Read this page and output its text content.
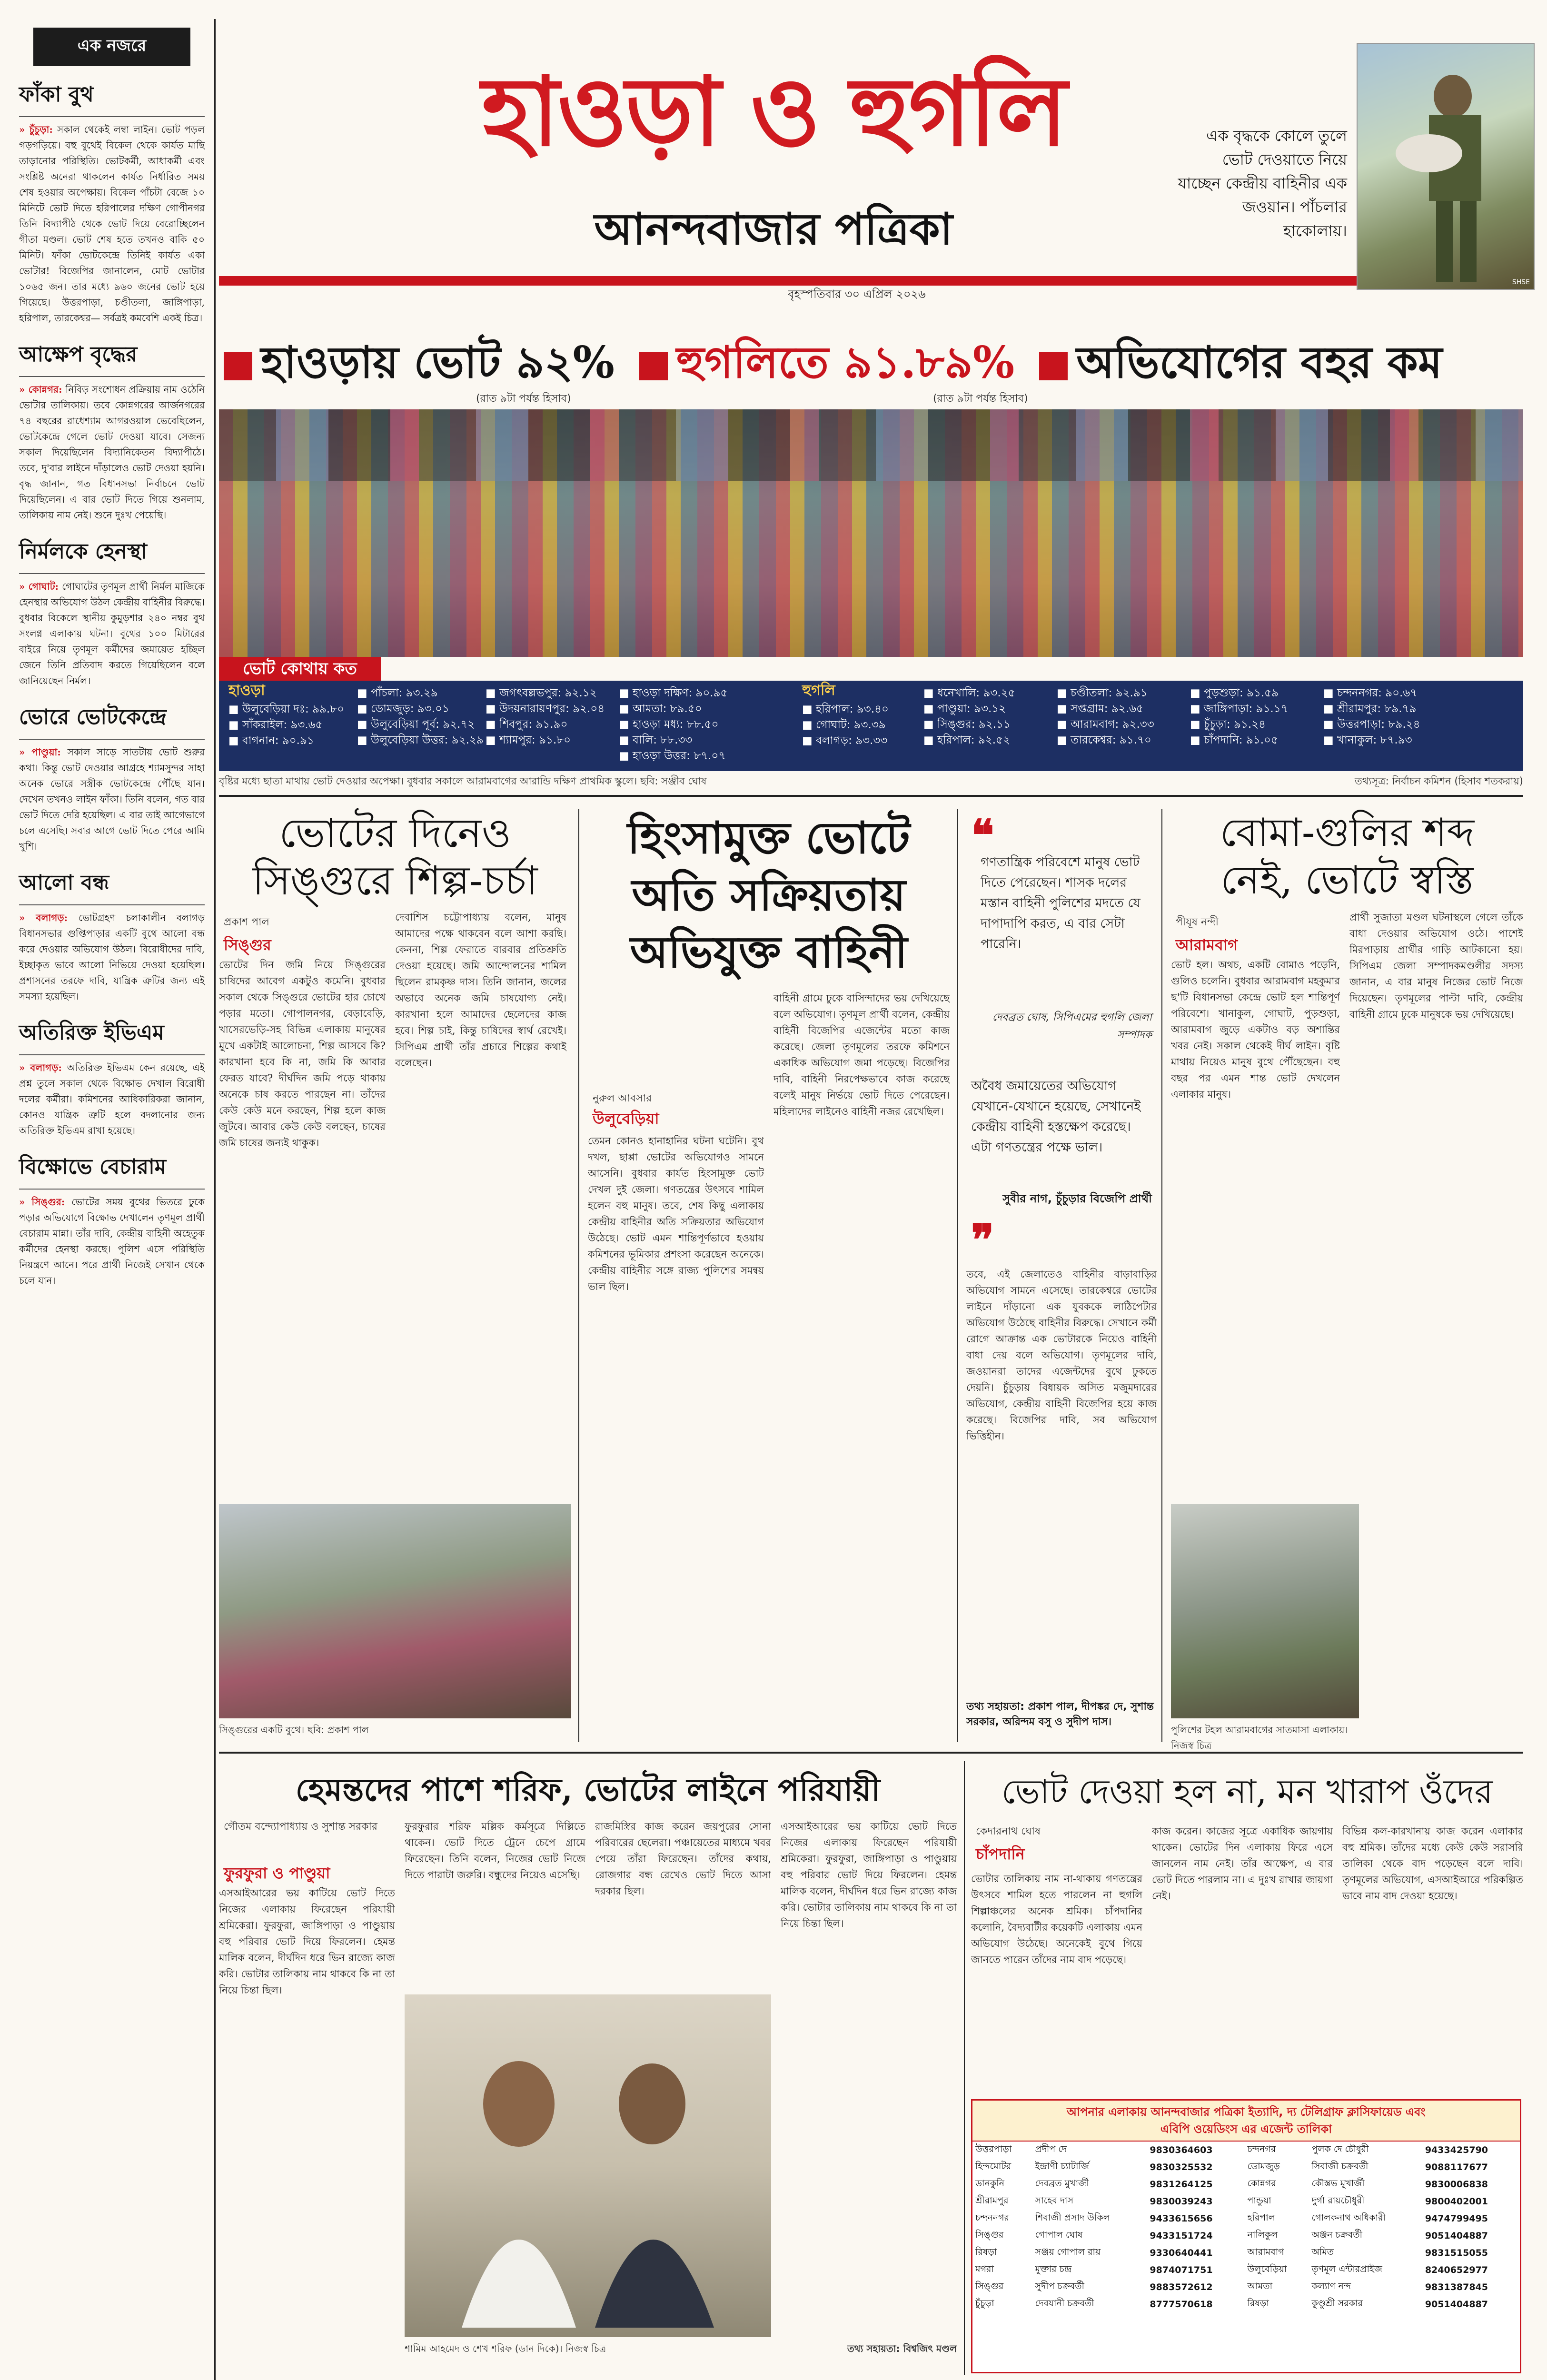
এক নজরে
ফাঁকা বুথ
» চুঁচুড়া: সকাল থেকেই লম্বা লাইন। ভোট পড়ল গড়গড়িয়ে। বহু বুথেই বিকেল থেকে কার্যত মাছি তাড়ানোর পরিস্থিতি। ভোটকর্মী, আধাকর্মী এবং সংশ্লিষ্ট অনেরা থাকলেন কার্যত নির্ধারিত সময় শেষ হওয়ার অপেক্ষায়। বিকেল পাঁচটা বেজে ১০ মিনিটে ভোট দিতে হরিপালের দক্ষিণ গোপীনগর তিনি বিদ্যাপীঠ থেকে ভোট দিয়ে বেরোচ্ছিলেন গীতা মণ্ডল। ভোট শেষ হতে তখনও বাকি ৫০ মিনিট। ফাঁকা ভোটকেন্দ্রে তিনিই কার্যত একা ভোটার! বিজেপির জানালেন, মোট ভোটার ১০৬৫ জন। তার মধ্যে ৯৬০ জনের ভোট হয়ে গিয়েছে। উত্তরপাড়া, চণ্ডীতলা, জাঙ্গিপাড়া, হরিপাল, তারকেশ্বর— সর্বত্রই কমবেশি একই চিত্র।
আক্ষেপ বৃদ্ধের
» কোন্নগর: নিবিড় সংশোধন প্রক্রিয়ায় নাম ওঠেনি ভোটার তালিকায়। তবে কোন্নগরের আর্জনগরের ৭৪ বছরের রাধেশ্যাম আগরওয়াল ভেবেছিলেন, ভোটকেন্দ্রে গেলে ভোট দেওয়া যাবে। সেজন্য সকাল দিয়েছিলেন বিদ্যানিকেতন বিদ্যাপীঠে। তবে, দু'বার লাইনে দাঁড়ালেও ভোট দেওয়া হয়নি। বৃদ্ধ জানান, গত বিধানসভা নির্বাচনে ভোট দিয়েছিলেন। এ বার ভোট দিতে গিয়ে শুনলাম, তালিকায় নাম নেই। শুনে দুঃখ পেয়েছি।
নির্মলকে হেনস্থা
» গোঘাট: গোঘাটের তৃণমূল প্রার্থী নির্মল মাজিকে হেনস্থার অভিযোগ উঠল কেন্দ্রীয় বাহিনীর বিরুদ্ধে। বুধবার বিকেলে স্থানীয় কুমুড়শার ২৪০ নম্বর বুথ সংলগ্ন এলাকায় ঘটনা। বুথের ১০০ মিটারের বাইরে নিয়ে তৃণমূল কর্মীদের জমায়েত হচ্ছিল জেনে তিনি প্রতিবাদ করতে গিয়েছিলেন বলে জানিয়েছেন নির্মল।
ভোরে ভোটকেন্দ্রে
» পাণ্ডুয়া: সকাল সাড়ে সাতটায় ভোট শুরুর কথা। কিন্তু ভোট দেওয়ার আগ্রহে শ্যামসুন্দর সাহা অনেক ভোরে সস্ত্রীক ভোটকেন্দ্রে পৌঁছে যান। দেখেন তখনও লাইন ফাঁকা। তিনি বলেন, গত বার ভোট দিতে দেরি হয়েছিল। এ বার তাই আগেভাগে চলে এসেছি। সবার আগে ভোট দিতে পেরে আমি খুশি।
আলো বন্ধ
» বলাগড়: ভোটগ্রহণ চলাকালীন বলাগড় বিধানসভার গুপ্তিপাড়ার একটি বুথে আলো বন্ধ করে দেওয়ার অভিযোগ উঠল। বিরোধীদের দাবি, ইচ্ছাকৃত ভাবে আলো নিভিয়ে দেওয়া হয়েছিল। প্রশাসনের তরফে দাবি, যান্ত্রিক ত্রুটির জন্য এই সমস্যা হয়েছিল।
অতিরিক্ত ইভিএম
» বলাগড়: অতিরিক্ত ইভিএম কেন রয়েছে, এই প্রশ্ন তুলে সকাল থেকে বিক্ষোভ দেখাল বিরোধী দলের কর্মীরা। কমিশনের আধিকারিকরা জানান, কোনও যান্ত্রিক ত্রুটি হলে বদলানোর জন্য অতিরিক্ত ইভিএম রাখা হয়েছে।
বিক্ষোভে বেচারাম
» সিঙ্গুর: ভোটের সময় বুথের ভিতরে ঢুকে পড়ার অভিযোগে বিক্ষোভ দেখালেন তৃণমূল প্রার্থী বেচারাম মান্না। তাঁর দাবি, কেন্দ্রীয় বাহিনী অহেতুক কর্মীদের হেনস্থা করছে। পুলিশ এসে পরিস্থিতি নিয়ন্ত্রণে আনে। পরে প্রার্থী নিজেই সেখান থেকে চলে যান।
হাওড়া ও হুগলি
আনন্দবাজার পত্রিকা
বৃহস্পতিবার ৩০ এপ্রিল ২০২৬
SHSE
এক বৃদ্ধকে কোলে তুলে ভোট দেওয়াতে নিয়ে যাচ্ছেন কেন্দ্রীয় বাহিনীর এক জওয়ান। পাঁচলার হাকোলায়।
হাওড়ায় ভোট ৯২% হুগলিতে ৯১.৮৯% অভিযোগের বহর কম
(রাত ৯টা পর্যন্ত হিসাব)	(রাত ৯টা পর্যন্ত হিসাব)
ভোট কোথায় কত
হাওড়া	হুগলি
■ উলুবেড়িয়া দঃ: ৯৯.৮০
■ সাঁকরাইল: ৯৩.৬৫
■ বাগনান: ৯০.৯১
■ পাঁচলা: ৯৩.২৯
■ ডোমজুড়: ৯৩.০১
■ উলুবেড়িয়া পূর্ব: ৯২.৭২
■ উলুবেড়িয়া উত্তর: ৯২.২৯
■ জগৎবল্লভপুর: ৯২.১২
■ উদয়নারায়ণপুর: ৯২.০৪
■ শিবপুর: ৯১.৯০
■ শ্যামপুর: ৯১.৮০
■ হাওড়া দক্ষিণ: ৯০.৯৫
■ আমতা: ৮৯.৫০
■ হাওড়া মধ্য: ৮৮.৫০
■ বালি: ৮৮.৩৩
■ হাওড়া উত্তর: ৮৭.০৭
■ হরিপাল: ৯৩.৪০
■ গোঘাট: ৯৩.৩৯
■ বলাগড়: ৯৩.৩৩
■ ধনেখালি: ৯৩.২৫
■ পাণ্ডুয়া: ৯৩.১২
■ সিঙ্গুর: ৯২.১১
■ হরিপাল: ৯২.৫২
■ চণ্ডীতলা: ৯২.৯১
■ সপ্তগ্রাম: ৯২.৬৫
■ আরামবাগ: ৯২.৩৩
■ তারকেশ্বর: ৯১.৭০
■ পুড়শুড়া: ৯১.৫৯
■ জাঙ্গিপাড়া: ৯১.১৭
■ চুঁচুড়া: ৯১.২৪
■ চাঁপদানি: ৯১.০৫
■ চন্দননগর: ৯০.৬৭
■ শ্রীরামপুর: ৮৯.৭৯
■ উত্তরপাড়া: ৮৯.২৪
■ খানাকুল: ৮৭.৯৩
বৃষ্টির মধ্যে ছাতা মাথায় ভোট দেওয়ার অপেক্ষা। বুধবার সকালে আরামবাগের আরান্ডি দক্ষিণ প্রাথমিক স্কুলে। ছবি: সঞ্জীব ঘোষ	তথ্যসূত্র: নির্বাচন কমিশন (হিসাব শতকরায়)
ভোটের দিনেও
সিঙ্গুরে শিল্প-চর্চা
প্রকাশ পাল
সিঙ্গুর
ভোটের দিন জমি নিয়ে সিঙ্গুরের চাষিদের আবেগ একটুও কমেনি। বুধবার সকাল থেকে সিঙ্গুরে ভোটের হার চোখে পড়ার মতো। গোপালনগর, বেড়াবেড়ি, খাসেরভেড়ি-সহ বিভিন্ন এলাকায় মানুষের মুখে একটাই আলোচনা, শিল্প আসবে কি? কারখানা হবে কি না, জমি কি আবার ফেরত যাবে? দীর্ঘদিন জমি পড়ে থাকায় অনেকে চাষ করতে পারছেন না। তাঁদের কেউ কেউ মনে করছেন, শিল্প হলে কাজ জুটবে। আবার কেউ কেউ বলছেন, চাষের জমি চাষের জন্যই থাকুক।
দেবাশিস চট্টোপাধ্যায় বলেন, মানুষ আমাদের পক্ষে থাকবেন বলে আশা করছি। কেননা, শিল্প ফেরাতে বারবার প্রতিশ্রুতি দেওয়া হয়েছে। জমি আন্দোলনের শামিল ছিলেন রামকৃষ্ণ দাস। তিনি জানান, জলের অভাবে অনেক জমি চাষযোগ্য নেই। কারখানা হলে আমাদের ছেলেদের কাজ হবে। শিল্প চাই, কিন্তু চাষিদের স্বার্থ রেখেই। সিপিএম প্রার্থী তাঁর প্রচারে শিল্পের কথাই বলেছেন।
সিঙ্গুরের একটি বুথে। ছবি: প্রকাশ পাল
হিংসামুক্ত ভোটে
অতি সক্রিয়তায়
অভিযুক্ত বাহিনী
নুরুল আবসার
উলুবেড়িয়া
তেমন কোনও হানাহানির ঘটনা ঘটেনি। বুথ দখল, ছাপ্পা ভোটের অভিযোগও সামনে আসেনি। বুধবার কার্যত হিংসামুক্ত ভোট দেখল দুই জেলা। গণতন্ত্রের উৎসবে শামিল হলেন বহু মানুষ। তবে, শেষ কিছু এলাকায় কেন্দ্রীয় বাহিনীর অতি সক্রিয়তার অভিযোগ উঠেছে। ভোট এমন শান্তিপূর্ণভাবে হওয়ায় কমিশনের ভূমিকার প্রশংসা করেছেন অনেকে। কেন্দ্রীয় বাহিনীর সঙ্গে রাজ্য পুলিশের সমন্বয় ভাল ছিল।
বাহিনী গ্রামে ঢুকে বাসিন্দাদের ভয় দেখিয়েছে বলে অভিযোগ। তৃণমূল প্রার্থী বলেন, কেন্দ্রীয় বাহিনী বিজেপির এজেন্টের মতো কাজ করেছে। জেলা তৃণমূলের তরফে কমিশনে একাধিক অভিযোগ জমা পড়েছে। বিজেপির দাবি, বাহিনী নিরপেক্ষভাবে কাজ করেছে বলেই মানুষ নির্ভয়ে ভোট দিতে পেরেছেন। মহিলাদের লাইনেও বাহিনী নজর রেখেছিল।
❝
গণতান্ত্রিক পরিবেশে মানুষ ভোট দিতে পেরেছেন। শাসক দলের মস্তান বাহিনী পুলিশের মদতে যে দাপাদাপি করত, এ বার সেটা পারেনি।
দেবব্রত ঘোষ, সিপিএমের হুগলি জেলা সম্পাদক
অবৈধ জমায়েতের অভিযোগ যেখানে-যেখানে হয়েছে, সেখানেই কেন্দ্রীয় বাহিনী হস্তক্ষেপ করেছে। এটা গণতন্ত্রের পক্ষে ভাল।
সুবীর নাগ, চুঁচুড়ার বিজেপি প্রার্থী
❞
তবে, এই জেলাতেও বাহিনীর বাড়াবাড়ির অভিযোগ সামনে এসেছে। তারকেশ্বরে ভোটের লাইনে দাঁড়ানো এক যুবককে লাঠিপেটার অভিযোগ উঠেছে বাহিনীর বিরুদ্ধে। সেখানে কর্মী রোগে আক্রান্ত এক ভোটারকে নিয়েও বাহিনী বাধা দেয় বলে অভিযোগ। তৃণমূলের দাবি, জওয়ানরা তাদের এজেন্টদের বুথে ঢুকতে দেয়নি। চুঁচুড়ায় বিধায়ক অসিত মজুমদারের অভিযোগ, কেন্দ্রীয় বাহিনী বিজেপির হয়ে কাজ করেছে। বিজেপির দাবি, সব অভিযোগ ভিত্তিহীন।
তথ্য সহায়তা: প্রকাশ পাল, দীপঙ্কর দে, সুশান্ত সরকার, অরিন্দম বসু ও সুদীপ দাস।
বোমা-গুলির শব্দ
নেই, ভোটে স্বস্তি
পীযূষ নন্দী
আরামবাগ
ভোট হল। অথচ, একটি বোমাও পড়েনি, গুলিও চলেনি। বুধবার আরামবাগ মহকুমার ছ'টি বিধানসভা কেন্দ্রে ভোট হল শান্তিপূর্ণ পরিবেশে। খানাকুল, গোঘাট, পুড়শুড়া, আরামবাগ জুড়ে একটাও বড় অশান্তির খবর নেই। সকাল থেকেই দীর্ঘ লাইন। বৃষ্টি মাথায় নিয়েও মানুষ বুথে পৌঁছেছেন। বহু বছর পর এমন শান্ত ভোট দেখলেন এলাকার মানুষ।
প্রার্থী সুজাতা মণ্ডল ঘটনাস্থলে গেলে তাঁকে বাধা দেওয়ার অভিযোগ ওঠে। পাশেই মিরপাড়ায় প্রার্থীর গাড়ি আটকানো হয়। সিপিএম জেলা সম্পাদকমণ্ডলীর সদস্য জানান, এ বার মানুষ নিজের ভোট নিজে দিয়েছেন। তৃণমূলের পাল্টা দাবি, কেন্দ্রীয় বাহিনী গ্রামে ঢুকে মানুষকে ভয় দেখিয়েছে।
পুলিশের টহল আরামবাগের সাতমাসা এলাকায়। নিজস্ব চিত্র
হেমন্তদের পাশে শরিফ, ভোটের লাইনে পরিযায়ী
গৌতম বন্দ্যোপাধ্যায় ও সুশান্ত সরকার
ফুরফুরা ও পাণ্ডুয়া
এসআইআরের ভয় কাটিয়ে ভোট দিতে নিজের এলাকায় ফিরেছেন পরিযায়ী শ্রমিকেরা। ফুরফুরা, জাঙ্গিপাড়া ও পাণ্ডুয়ায় বহু পরিবার ভোট দিয়ে ফিরলেন। হেমন্ত মালিক বলেন, দীর্ঘদিন ধরে ভিন রাজ্যে কাজ করি। ভোটার তালিকায় নাম থাকবে কি না তা নিয়ে চিন্তা ছিল।
ফুরফুরার শরিফ মল্লিক কর্মসূত্রে দিল্লিতে থাকেন। ভোট দিতে ট্রেনে চেপে গ্রামে ফিরেছেন। তিনি বলেন, নিজের ভোট নিজে দিতে পারাটা জরুরি। বন্ধুদের নিয়েও এসেছি।
রাজমিস্ত্রির কাজ করেন জয়পুরের সোনা পরিবারের ছেলেরা। পঞ্চায়েতের মাধ্যমে খবর পেয়ে তাঁরা ফিরেছেন। তাঁদের কথায়, রোজগার বন্ধ রেখেও ভোট দিতে আসা দরকার ছিল।
এসআইআরের ভয় কাটিয়ে ভোট দিতে নিজের এলাকায় ফিরেছেন পরিযায়ী শ্রমিকেরা। ফুরফুরা, জাঙ্গিপাড়া ও পাণ্ডুয়ায় বহু পরিবার ভোট দিয়ে ফিরলেন। হেমন্ত মালিক বলেন, দীর্ঘদিন ধরে ভিন রাজ্যে কাজ করি। ভোটার তালিকায় নাম থাকবে কি না তা নিয়ে চিন্তা ছিল।
শামিম আহমেদ ও শেখ শরিফ (ডান দিকে)। নিজস্ব চিত্র	তথ্য সহায়তা: বিশ্বজিৎ মণ্ডল
ভোট দেওয়া হল না, মন খারাপ ওঁদের
কেদারনাথ ঘোষ
চাঁপদানি
ভোটার তালিকায় নাম না-থাকায় গণতন্ত্রের উৎসবে শামিল হতে পারলেন না হুগলি শিল্পাঞ্চলের অনেক শ্রমিক। চাঁপদানির কলোনি, বৈদ্যবাটীর কয়েকটি এলাকায় এমন অভিযোগ উঠেছে। অনেকেই বুথে গিয়ে জানতে পারেন তাঁদের নাম বাদ পড়েছে।
কাজ করেন। কাজের সূত্রে একাধিক জায়গায় থাকেন। ভোটের দিন এলাকায় ফিরে এসে জানলেন নাম নেই। তাঁর আক্ষেপ, এ বার ভোট দিতে পারলাম না। এ দুঃখ রাখার জায়গা নেই।
বিভিন্ন কল-কারখানায় কাজ করেন এলাকার বহু শ্রমিক। তাঁদের মধ্যে কেউ কেউ সরাসরি তালিকা থেকে বাদ পড়েছেন বলে দাবি। তৃণমূলের অভিযোগ, এসআইআরে পরিকল্পিত ভাবে নাম বাদ দেওয়া হয়েছে।
আপনার এলাকায় আনন্দবাজার পত্রিকা ইত্যাদি, দ্য টেলিগ্রাফ ক্লাসিফায়েড এবং
এবিপি ওয়েডিংস এর এজেন্ট তালিকা
উত্তরপাড়া	প্রদীপ দে	9830364603	চন্দনগর	পুলক দে চৌধুরী	9433425790
হিন্দমোটর	ইন্দ্রাণী চ্যাটার্জি	9830325532	ডোমজুড়	সিবাজী চক্রবর্তী	9088117677
ডানকুনি	দেবব্রত মুখার্জী	9831264125	কোন্নগর	কৌস্তভ মুখার্জী	9830006838
শ্রীরামপুর	সাহেব দাস	9830039243	পান্ডুয়া	দুর্গা রায়চৌধুরী	9800402001
চন্দননগর	শিবাজী প্রসাদ উকিল	9433615656	হরিপাল	গোলকনাথ অধিকারী	9474799495
সিঙ্গুর	গোপাল ঘোষ	9433151724	নালিকুল	অঞ্জন চক্রবর্তী	9051404887
রিষড়া	সঞ্জয় গোপাল রায়	9330640441	আরামবাগ	অমিত	9831515055
মগরা	মুক্তার চন্দ্র	9874071751	উলুবেড়িয়া	তৃণমূল এন্টারপ্রাইজ	8240652977
সিঙ্গুর	সুদীপ চক্রবর্তী	9883572612	আমতা	কল্যাণ নন্দ	9831387845
চুঁচুড়া	দেবযানী চক্রবর্তী	8777570618	রিষড়া	কুণ্ডুশ্রী সরকার	9051404887
